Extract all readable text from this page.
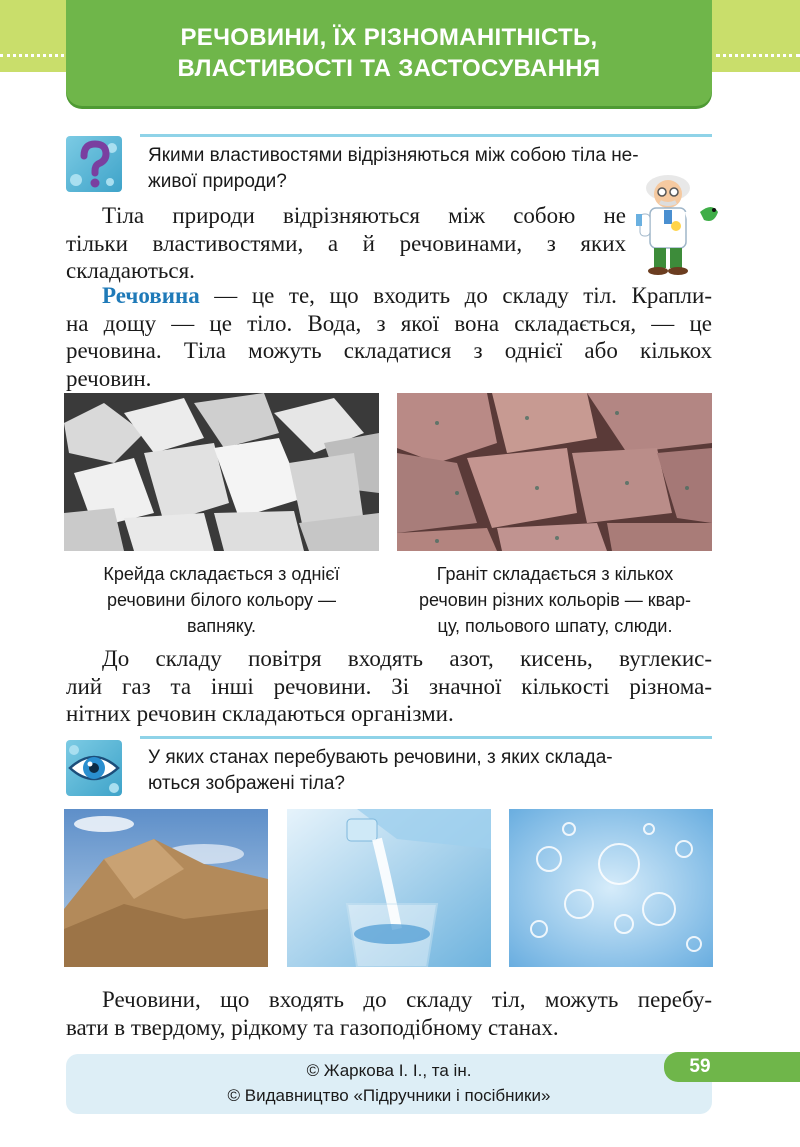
РЕЧОВИНИ, ЇХ РІЗНОМАНІТНІСТЬ,
ВЛАСТИВОСТІ ТА ЗАСТОСУВАННЯ
Якими властивостями відрізняються між собою тіла не-
живої природи?
Тіла природи відрізняються між собою не
тільки властивостями, а й речовинами, з яких
складаються.
Речовина — це те, що входить до складу тіл. Крапли-
на дощу — це тіло. Вода, з якої вона складається, — це
речовина. Тіла можуть складатися з однієї або кількох
речовин.
Крейда складається з однієї
речовини білого кольору —
вапняку.
Граніт складається з кількох
речовин різних кольорів — квар-
цу, польового шпату, слюди.
До складу повітря входять азот, кисень, вуглекис-
лий газ та інші речовини. Зі значної кількості різнома-
нітних речовин складаються організми.
У яких станах перебувають речовини, з яких склада-
ються зображені тіла?
Речовини, що входять до складу тіл, можуть перебу-
вати в твердому, рідкому та газоподібному станах.
© Жаркова І. І., та ін.
© Видавництво «Підручники і посібники»
59
